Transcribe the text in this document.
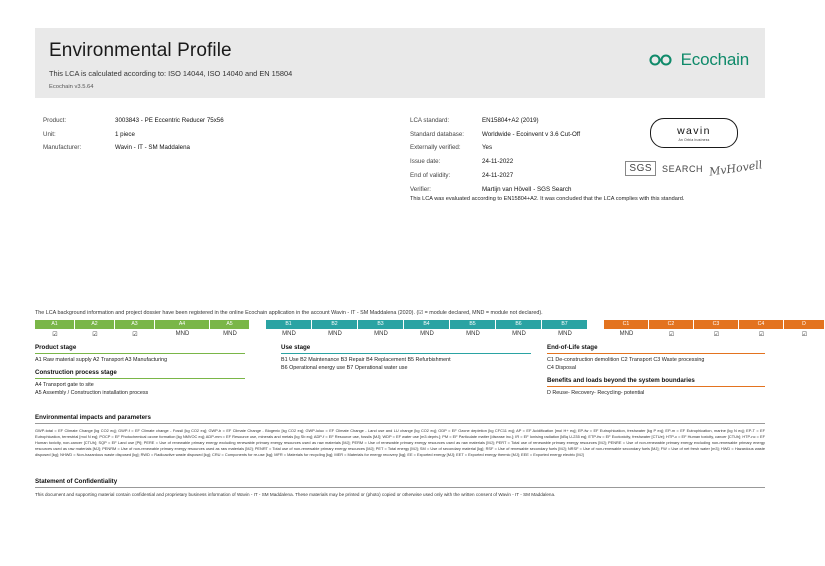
Environmental Profile
This LCA is calculated according to: ISO 14044, ISO 14040 and EN 15804
Ecochain v3.5.64
Ecochain
Product:	3003843 - PE Eccentric Reducer 75x56
Unit:	1 piece
Manufacturer:	Wavin - IT - SM Maddalena
LCA standard:	EN15804+A2 (2019)
Standard database:	Worldwide - Ecoinvent v 3.6 Cut-Off
Externally verified:	Yes
Issue date:	24-11-2022
End of validity:	24-11-2027
Verifier:	Martijn van HövelI - SGS Search
This LCA was evaluated according to EN15804+A2. It was concluded that the LCA complies with this standard.
wavin
An Orbia business
SGS	SEARCH MvHovell
The LCA background information and project dossier have been registered in the online Ecochain application in the account Wavin - IT - SM Maddalena (2020). (☑ = module declared, MND = module not declared).
A1	A2	A3	A4	A5	B1	B2	B3	B4	B5	B6	B7	C1	C2	C3	C4	D
☑	☑	☑	MND	MND	MND	MND	MND	MND	MND	MND	MND	MND	☑	☑	☑	☑
Product stage
A1 Raw material supply A2 Transport A3 Manufacturing
Construction process stage
A4 Transport gate to site
A5 Assembly / Construction installation process
Use stage
B1 Use B2 Maintenance B3 Repair B4 Replacement B5 Refurbishment
B6 Operational energy use B7 Operational water use
End-of-Life stage
C1 De-construction demolition C2 Transport C3 Waste processing
C4 Disposal
Benefits and loads beyond the system boundaries
D Reuse- Recovery- Recycling- potential
Environmental impacts and parameters
GWP-total = EF Climate Change [kg CO2 eq]; GWP-f = EF Climate change - Fossil [kg CO2 eq]; GWP-b = EF Climate Change - Biogenic [kg CO2 eq]; GWP-luluc = EF Climate Change - Land use and LU change [kg CO2 eq]; ODP = EF Ozone depletion [kg CFC11 eq]; AP = EF Acidification [mol H+ eq]; EP-fw = EF Eutrophication, freshwater [kg P eq]; EP-m = EF Eutrophication, marine [kg N eq]; EP-T = EF Eutrophication, terrestrial [mol N eq]; POCP = EF Photochemical ozone formation [kg NMVOC eq]; ADP-mm = EF Resource use, minerals and metals [kg Sb eq]; ADP-f = EF Resource use, fossils [MJ]; WDP = EF water use [m3 depriv.]; PM = EF Particulate matter [disease inc.]; IR = EF Ionising radiation [kBq U-235 eq]; ETP-fw = EF Ecotoxicity, freshwater [CTUe]; HTP-c = EF Human toxicity, cancer [CTUh]; HTP-nc = EF Human toxicity, non-cancer [CTUh]; SQP = EF Land use [Pt]; PERE = Use of renewable primary energy excluding renewable primary energy resources used as raw materials [MJ]; PERM = Use of renewable primary energy resources used as raw materials [MJ]; PERT = Total use of renewable primary energy resources [MJ]; PENRE = Use of non-renewable primary energy excluding non-renewable primary energy resources used as raw materials [MJ]; PENRM = Use of non-renewable primary energy resources used as raw materials [MJ]; PENRT = Total use of non-renewable primary energy resources [MJ]; PET = Total energy [MJ]; SM = Use of secondary material [kg]; RSF = Use of renewable secondary fuels [MJ]; NRSF = Use of non-renewable secondary fuels [MJ]; FW = Use of net fresh water [m3]; HWD = Hazardous waste disposed [kg]; NHWD = Non-hazardous waste disposed [kg]; RWD = Radioactive waste disposed [kg]; CRU = Components for re-use [kg]; MFR = Materials for recycling [kg]; MER = Materials for energy recovery [kg]; EE = Exported energy [MJ]; EET = Exported energy thermic [MJ]; EEE = Exported energy electric [MJ]
Statement of Confidentiality
This document and supporting material contain confidential and proprietary business information of Wavin - IT - SM Maddalena. These materials may be printed or (photo) copied or otherwise used only with the written consent of Wavin - IT - SM Maddalena.
